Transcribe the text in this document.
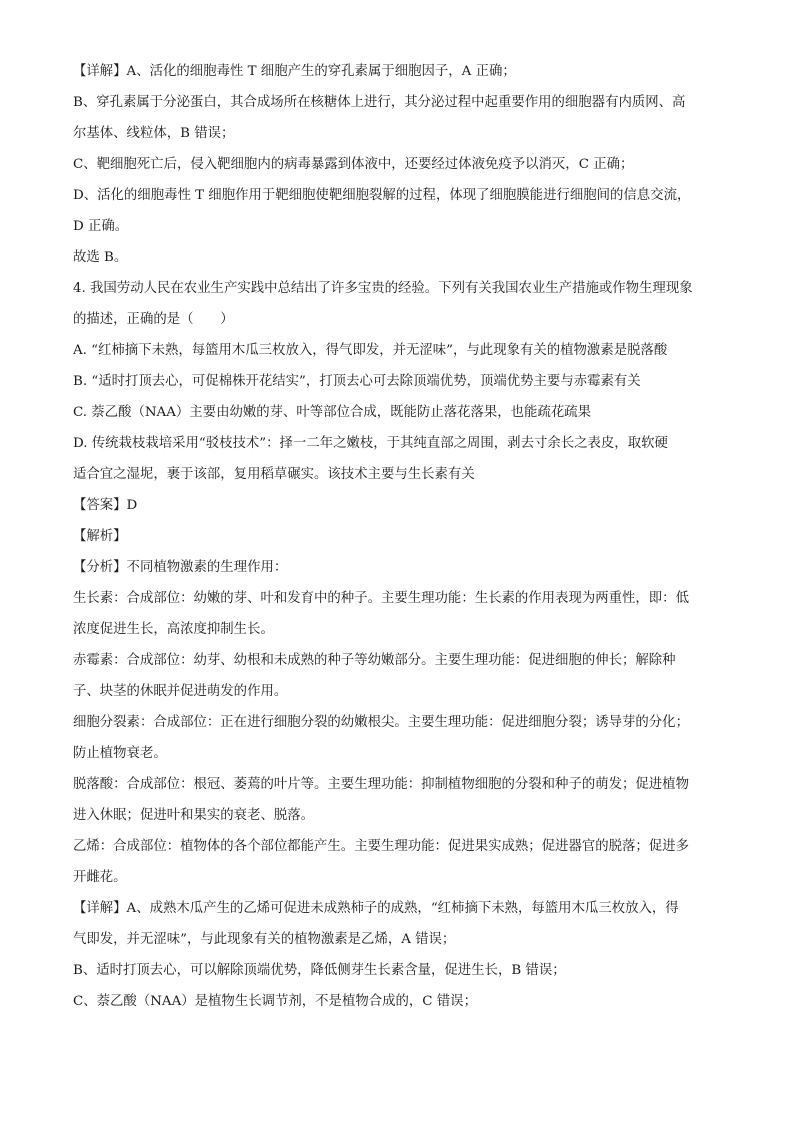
【详解】A、活化的细胞毒性 T 细胞产生的穿孔素属于细胞因子，A 正确；

B、穿孔素属于分泌蛋白，其合成场所在核糖体上进行，其分泌过程中起重要作用的细胞器有内质网、高

尔基体、线粒体，B 错误；

C、靶细胞死亡后，侵入靶细胞内的病毒暴露到体液中，还要经过体液免疫予以消灭，C 正确；

D、活化的细胞毒性 T 细胞作用于靶细胞使靶细胞裂解的过程，体现了细胞膜能进行细胞间的信息交流，

D 正确。

故选 B。

4. 我国劳动人民在农业生产实践中总结出了许多宝贵的经验。下列有关我国农业生产措施或作物生理现象

的描述，正确的是（　　）

A. “红柿摘下未熟，每篮用木瓜三枚放入，得气即发，并无涩味”，与此现象有关的植物激素是脱落酸

B. “适时打顶去心，可促棉株开花结实”，打顶去心可去除顶端优势，顶端优势主要与赤霉素有关

C. 萘乙酸（NAA）主要由幼嫩的芽、叶等部位合成，既能防止落花落果，也能疏花疏果

D. 传统栽枝栽培采用“驳枝技术”：择一二年之嫩枝，于其纯直部之周围，剥去寸余长之表皮，取软硬

适合宜之湿坭，裹于该部，复用稻草碾实。该技术主要与生长素有关

【答案】D

【解析】

【分析】不同植物激素的生理作用：

生长素：合成部位：幼嫩的芽、叶和发育中的种子。主要生理功能：生长素的作用表现为两重性，即：低

浓度促进生长，高浓度抑制生长。

赤霉素：合成部位：幼芽、幼根和未成熟的种子等幼嫩部分。主要生理功能：促进细胞的伸长；解除种

子、块茎的休眠并促进萌发的作用。

细胞分裂素：合成部位：正在进行细胞分裂的幼嫩根尖。主要生理功能：促进细胞分裂；诱导芽的分化；

防止植物衰老。

脱落酸：合成部位：根冠、萎蔫的叶片等。主要生理功能：抑制植物细胞的分裂和种子的萌发；促进植物

进入休眠；促进叶和果实的衰老、脱落。

乙烯：合成部位：植物体的各个部位都能产生。主要生理功能：促进果实成熟；促进器官的脱落；促进多

开雌花。

【详解】A、成熟木瓜产生的乙烯可促进未成熟柿子的成熟，“红柿摘下未熟，每篮用木瓜三枚放入，得

气即发，并无涩味”，与此现象有关的植物激素是乙烯，A 错误；

B、适时打顶去心，可以解除顶端优势，降低侧芽生长素含量，促进生长，B 错误；

C、萘乙酸（NAA）是植物生长调节剂，不是植物合成的，C 错误；
